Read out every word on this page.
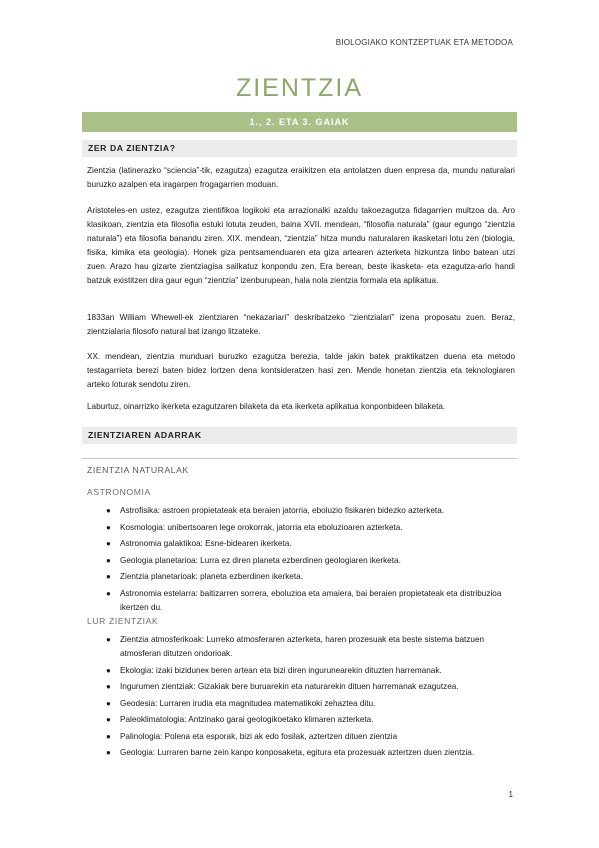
BIOLOGIAKO KONTZEPTUAK ETA METODOA
ZIENTZIA
1., 2. ETA 3. GAIAK
ZER DA ZIENTZIA?

Zientzia (latinerazko “sciencia”-tik, ezagutza) ezagutza eraikitzen eta antolatzen duen enpresa da, mundu naturalari buruzko azalpen eta iragarpen frogagarrien moduan.

Aristoteles-en ustez, ezagutza zientifikoa logikoki eta arrazionalki azaldu takoezagutza fidagarrien multzoa da. Aro klasikoan, zientzia eta filosofia estuki lotuta zeuden, baina XVII. mendean, “filosofia naturala” (gaur egungo “zientzia naturala”) eta filosofia banandu ziren. XIX. mendean, “zientzia” hitza mundu naturalaren ikasketari lotu zen (biologia, fisika, kimika eta geologia). Honek giza pentsamenduaren eta giza artearen azterketa hizkuntza linbo batean utzi zuen. Arazo hau gizarte zientziagisa sailkatuz konpondu zen. Era berean, beste ikasketa- eta ezagutza-arlo handi batzuk existitzen dira gaur egun “zientzia” izenburupean, hala nola zientzia formala eta aplikatua.

1833an William Whewell-ek zientziaren “nekazariari” deskribatzeko “zientzialari” izena proposatu zuen. Beraz, zientzialaria filosofo natural bat izango litzateke.

XX. mendean, zientzia munduari buruzko ezagutza berezia, talde jakin batek praktikatzen duena eta metodo testagarrieta berezi baten bidez lortzen dena kontsideratzen hasi zen. Mende honetan zientzia eta teknologiaren arteko loturak sendotu ziren.

Laburtuz, oinarrizko ikerketa ezagutzaren bilaketa da eta ikerketa aplikatua konponbideen bilaketa.

ZIENTZIAREN ADARRAK
ZIENTZIA NATURALAK
ASTRONOMIA
● Astrofisika: astroen propietateak eta beraien jatorria, eboluzio fisikaren bidezko azterketa.
● Kosmologia: unibertsoaren lege orokorrak, jatorria eta eboluzioaren azterketa.
● Astronomia galaktikoa: Esne-bidearen ikerketa.
● Geologia planetarioa: Lurra ez diren planeta ezberdinen geologiaren ikerketa.
● Zientzia planetarioak: planeta ezberdinen ikerketa.
● Astronomia estelarra: baitizarren sorrera, eboluzioa eta amaiera, bai beraien propietateak eta distribuzioa ikertzen du.
LUR ZIENTZIAK
● Zientzia atmosferikoak: Lurreko atmosferaren azterketa, haren prozesuak eta beste sistema batzuen atmosferan ditutzen ondorioak.
● Ekologia: izaki biziduneк beren artean eta bizi diren ingurunearekin dituzten harremanak.
● Ingurumen zientziak: Gizakiak bere buruarekin eta naturarekin dituen harremanak ezagutzea.
● Geodesia: Lurraren irudia eta magnitudea matematikoki zehaztea ditu.
● Paleoklimatologia: Antzinako garai geologikoetako klimaren azterketa.
● Palinologia: Polena eta esporak, bizi ak edo fosilak, aztertzen dituen zientzia
● Geologia: Lurraren barne zein kanpo konposaketa, egitura eta prozesuak aztertzen duen zientzia.
1
